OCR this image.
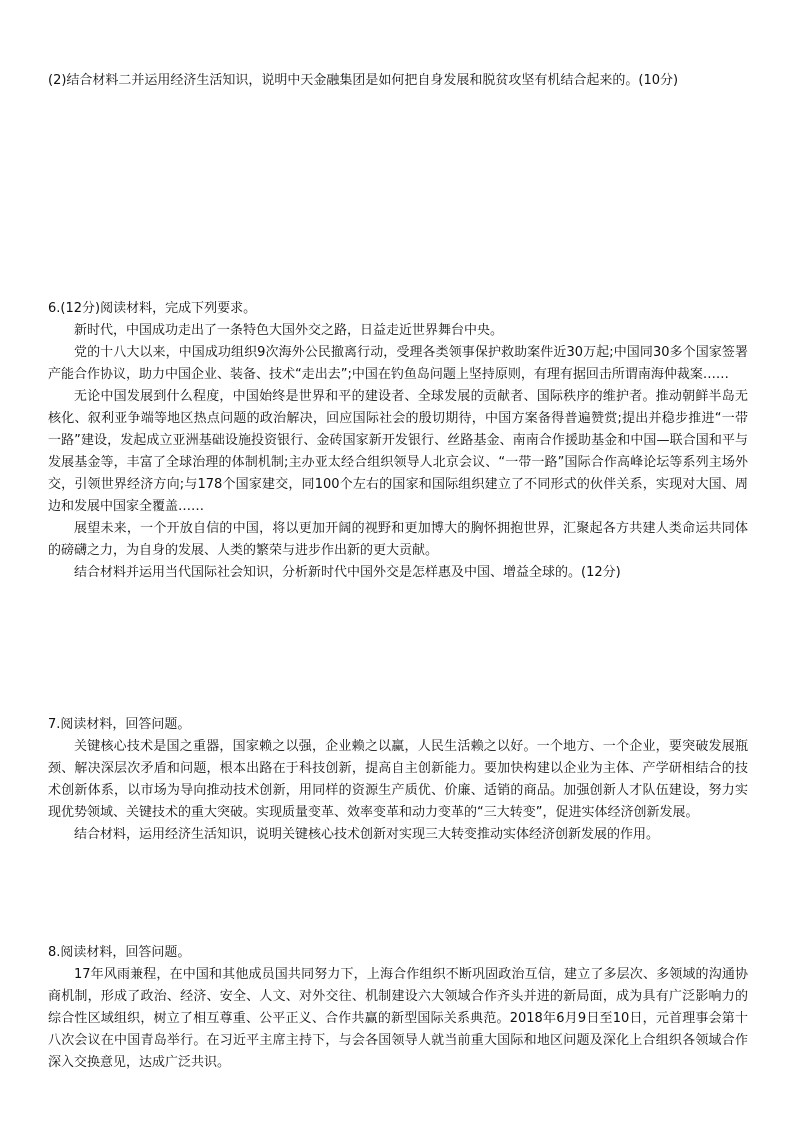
(2)结合材料二并运用经济生活知识，说明中天金融集团是如何把自身发展和脱贫攻坚有机结合起来的。(10分)

6.(12分)阅读材料，完成下列要求。

新时代，中国成功走出了一条特色大国外交之路，日益走近世界舞台中央。

党的十八大以来，中国成功组织9次海外公民撤离行动，受理各类领事保护救助案件近30万起;中国同30多个国家签署产能合作协议，助力中国企业、装备、技术“走出去”;中国在钓鱼岛问题上坚持原则，有理有据回击所谓南海仲裁案……

无论中国发展到什么程度，中国始终是世界和平的建设者、全球发展的贡献者、国际秩序的维护者。推动朝鲜半岛无核化、叙利亚争端等地区热点问题的政治解决，回应国际社会的殷切期待，中国方案备得普遍赞赏;提出并稳步推进“一带一路”建设，发起成立亚洲基础设施投资银行、金砖国家新开发银行、丝路基金、南南合作援助基金和中国—联合国和平与发展基金等，丰富了全球治理的体制机制;主办亚太经合组织领导人北京会议、“一带一路”国际合作高峰论坛等系列主场外交，引领世界经济方向;与178个国家建交，同100个左右的国家和国际组织建立了不同形式的伙伴关系，实现对大国、周边和发展中国家全覆盖……

展望未来，一个开放自信的中国，将以更加开阔的视野和更加博大的胸怀拥抱世界，汇聚起各方共建人类命运共同体的磅礴之力，为自身的发展、人类的繁荣与进步作出新的更大贡献。

结合材料并运用当代国际社会知识，分析新时代中国外交是怎样惠及中国、增益全球的。(12分)

7.阅读材料，回答问题。

关键核心技术是国之重器，国家赖之以强，企业赖之以赢，人民生活赖之以好。一个地方、一个企业，要突破发展瓶颈、解决深层次矛盾和问题，根本出路在于科技创新，提高自主创新能力。要加快构建以企业为主体、产学研相结合的技术创新体系，以市场为导向推动技术创新，用同样的资源生产质优、价廉、适销的商品。加强创新人才队伍建设，努力实现优势领域、关键技术的重大突破。实现质量变革、效率变革和动力变革的“三大转变”，促进实体经济创新发展。

结合材料，运用经济生活知识，说明关键核心技术创新对实现三大转变推动实体经济创新发展的作用。

8.阅读材料，回答问题。

17年风雨兼程，在中国和其他成员国共同努力下，上海合作组织不断巩固政治互信，建立了多层次、多领域的沟通协商机制，形成了政治、经济、安全、人文、对外交往、机制建设六大领域合作齐头并进的新局面，成为具有广泛影响力的综合性区域组织，树立了相互尊重、公平正义、合作共赢的新型国际关系典范。2018年6月9日至10日，元首理事会第十八次会议在中国青岛举行。在习近平主席主持下，与会各国领导人就当前重大国际和地区问题及深化上合组织各领域合作深入交换意见，达成广泛共识。
